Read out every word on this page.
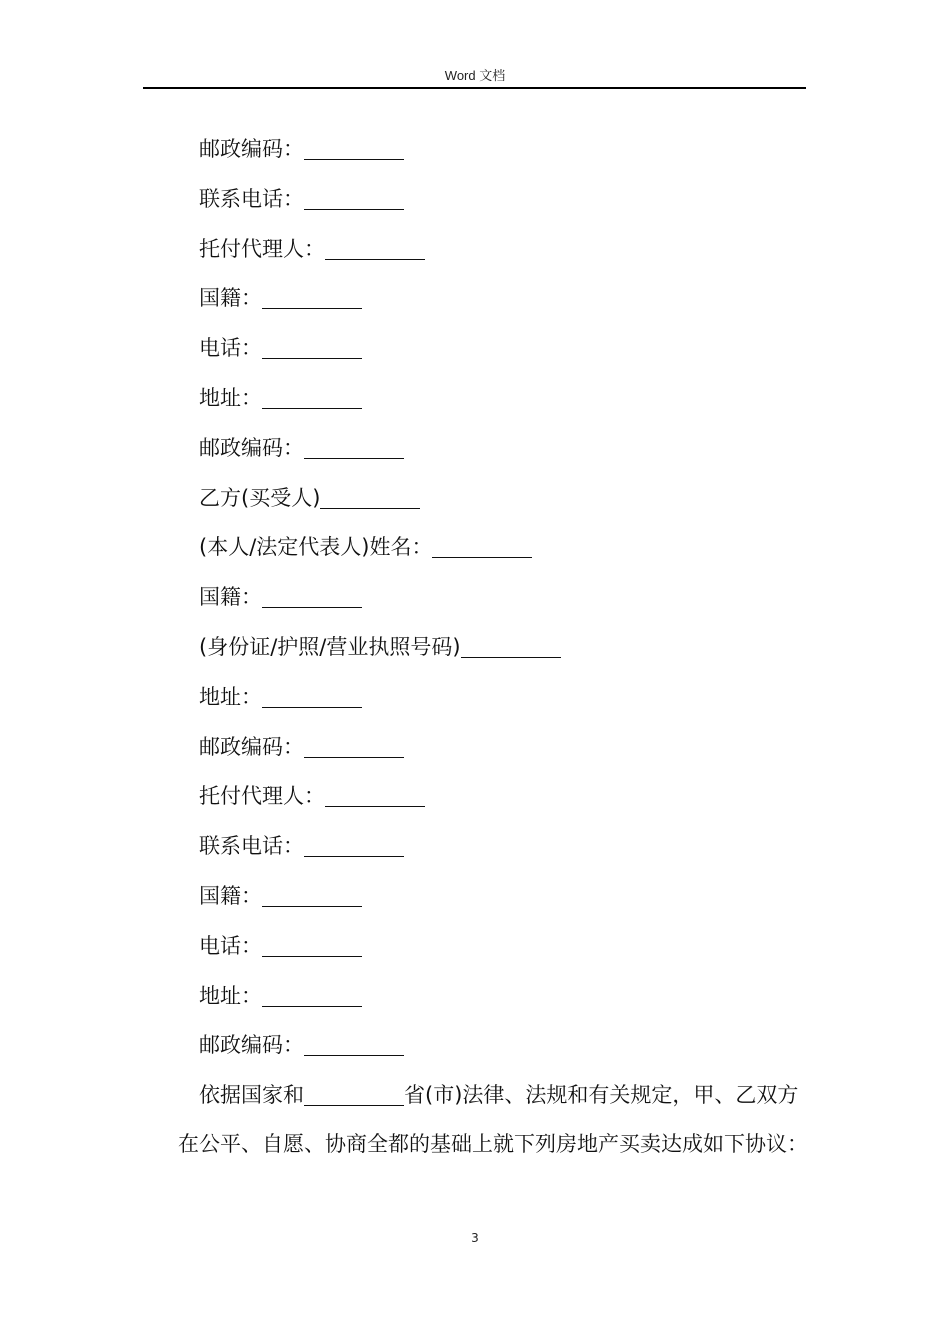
Word 文档
邮政编码：
联系电话：
托付代理人：
国籍：
电话：
地址：
邮政编码：
乙方(买受人)
(本人/法定代表人)姓名：
国籍：
(身份证/护照/营业执照号码)
地址：
邮政编码：
托付代理人：
联系电话：
国籍：
电话：
地址：
邮政编码：
依据国家和	省(市)法律、法规和有关规定，甲、乙双方在公平、自愿、协商全都的基础上就下列房地产买卖达成如下协议：
3
